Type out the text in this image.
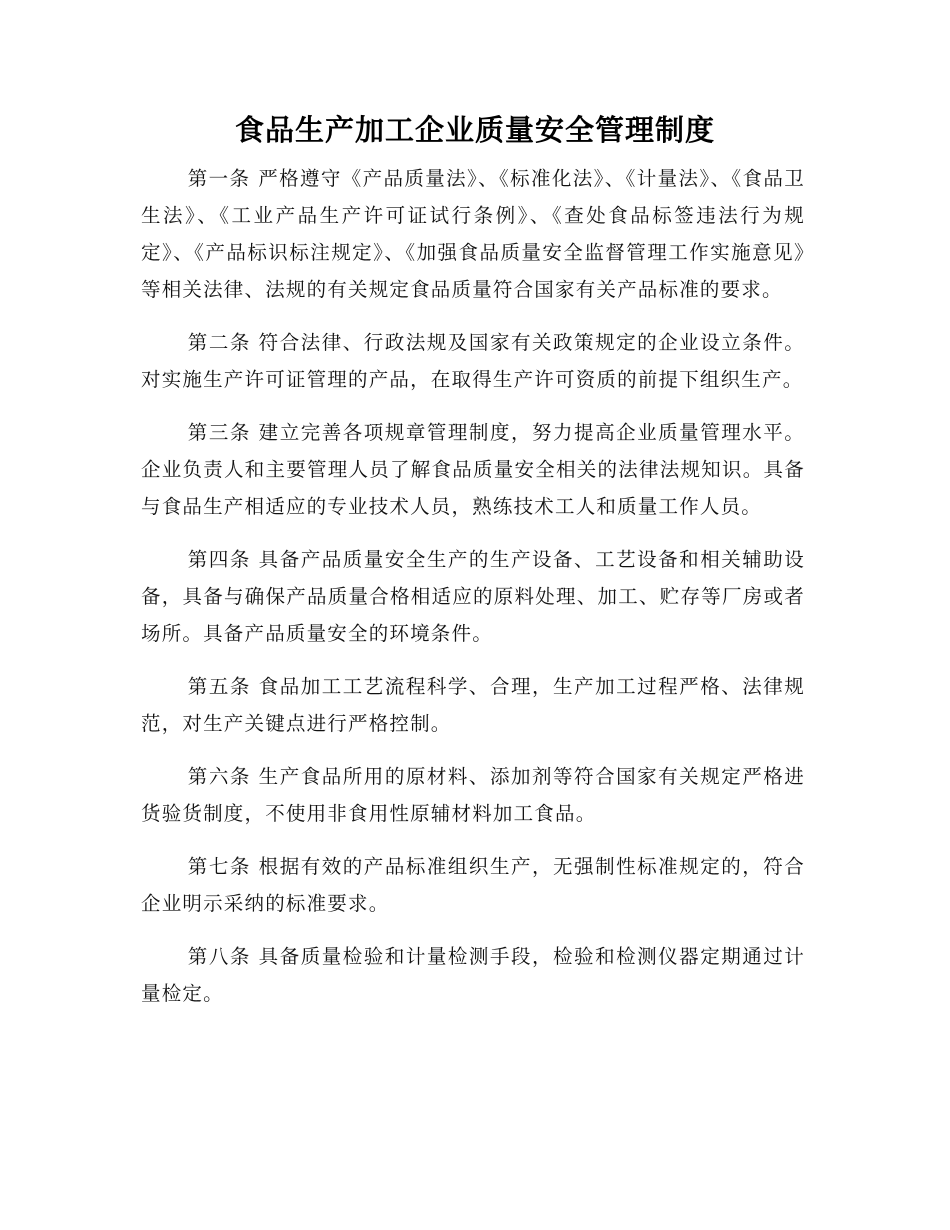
食品生产加工企业质量安全管理制度

第一条 严格遵守《产品质量法》、《标准化法》、《计量法》、《食品卫生法》、《工业产品生产许可证试行条例》、《查处食品标签违法行为规定》、《产品标识标注规定》、《加强食品质量安全监督管理工作实施意见》等相关法律、法规的有关规定食品质量符合国家有关产品标准的要求。

第二条 符合法律、行政法规及国家有关政策规定的企业设立条件。对实施生产许可证管理的产品，在取得生产许可资质的前提下组织生产。

第三条 建立完善各项规章管理制度，努力提高企业质量管理水平。企业负责人和主要管理人员了解食品质量安全相关的法律法规知识。具备与食品生产相适应的专业技术人员，熟练技术工人和质量工作人员。

第四条 具备产品质量安全生产的生产设备、工艺设备和相关辅助设备，具备与确保产品质量合格相适应的原料处理、加工、贮存等厂房或者场所。具备产品质量安全的环境条件。

第五条 食品加工工艺流程科学、合理，生产加工过程严格、法律规范，对生产关键点进行严格控制。

第六条 生产食品所用的原材料、添加剂等符合国家有关规定严格进货验货制度，不使用非食用性原辅材料加工食品。

第七条 根据有效的产品标准组织生产，无强制性标准规定的，符合企业明示采纳的标准要求。

第八条 具备质量检验和计量检测手段，检验和检测仪器定期通过计量检定。
